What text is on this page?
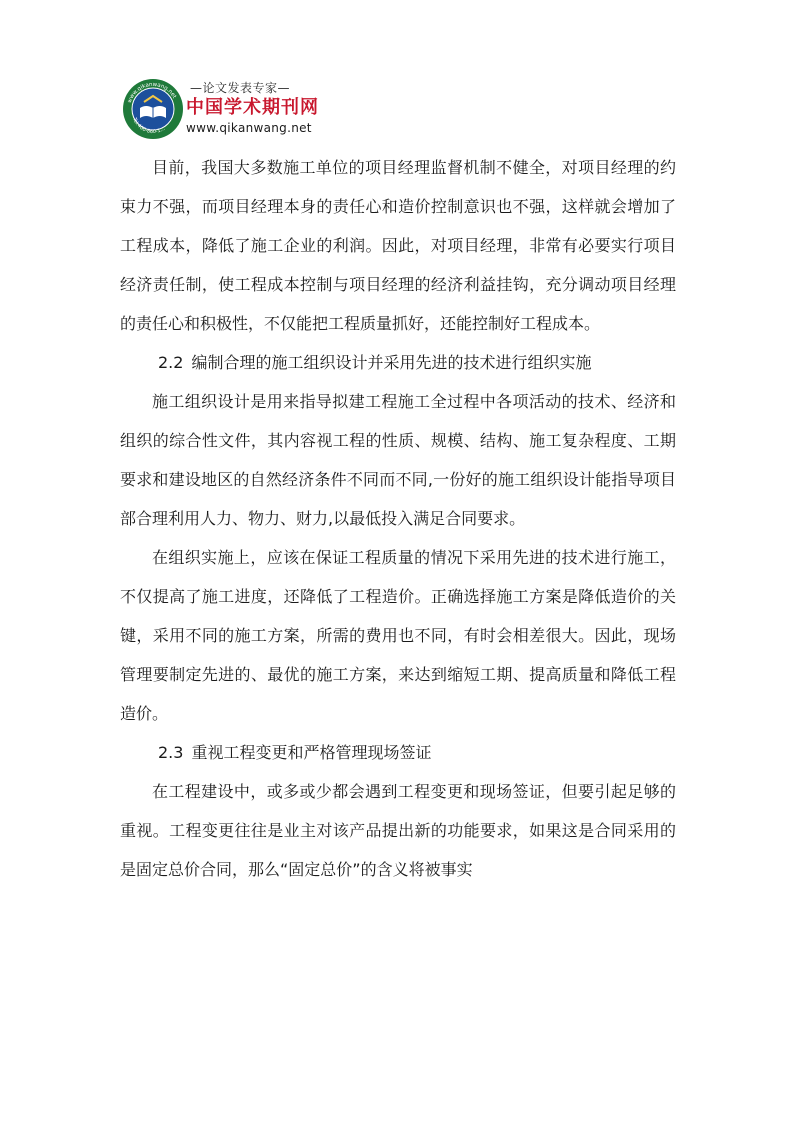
www.qikanwang.net
Tel:400-860-1...
—论文发表专家—
中国学术期刊网
www.qikanwang.net

目前，我国大多数施工单位的项目经理监督机制不健全，对项目经理的约束力不强，而项目经理本身的责任心和造价控制意识也不强，这样就会增加了工程成本，降低了施工企业的利润。因此，对项目经理，非常有必要实行项目经济责任制，使工程成本控制与项目经理的经济利益挂钩，充分调动项目经理的责任心和积极性，不仅能把工程质量抓好，还能控制好工程成本。

2.2 编制合理的施工组织设计并采用先进的技术进行组织实施

施工组织设计是用来指导拟建工程施工全过程中各项活动的技术、经济和组织的综合性文件，其内容视工程的性质、规模、结构、施工复杂程度、工期要求和建设地区的自然经济条件不同而不同,一份好的施工组织设计能指导项目部合理利用人力、物力、财力,以最低投入满足合同要求。

在组织实施上，应该在保证工程质量的情况下采用先进的技术进行施工，不仅提高了施工进度，还降低了工程造价。正确选择施工方案是降低造价的关键，采用不同的施工方案，所需的费用也不同，有时会相差很大。因此，现场管理要制定先进的、最优的施工方案，来达到缩短工期、提高质量和降低工程造价。

2.3 重视工程变更和严格管理现场签证

在工程建设中，或多或少都会遇到工程变更和现场签证，但要引起足够的重视。工程变更往往是业主对该产品提出新的功能要求，如果这是合同采用的是固定总价合同，那么“固定总价”的含义将被事实
